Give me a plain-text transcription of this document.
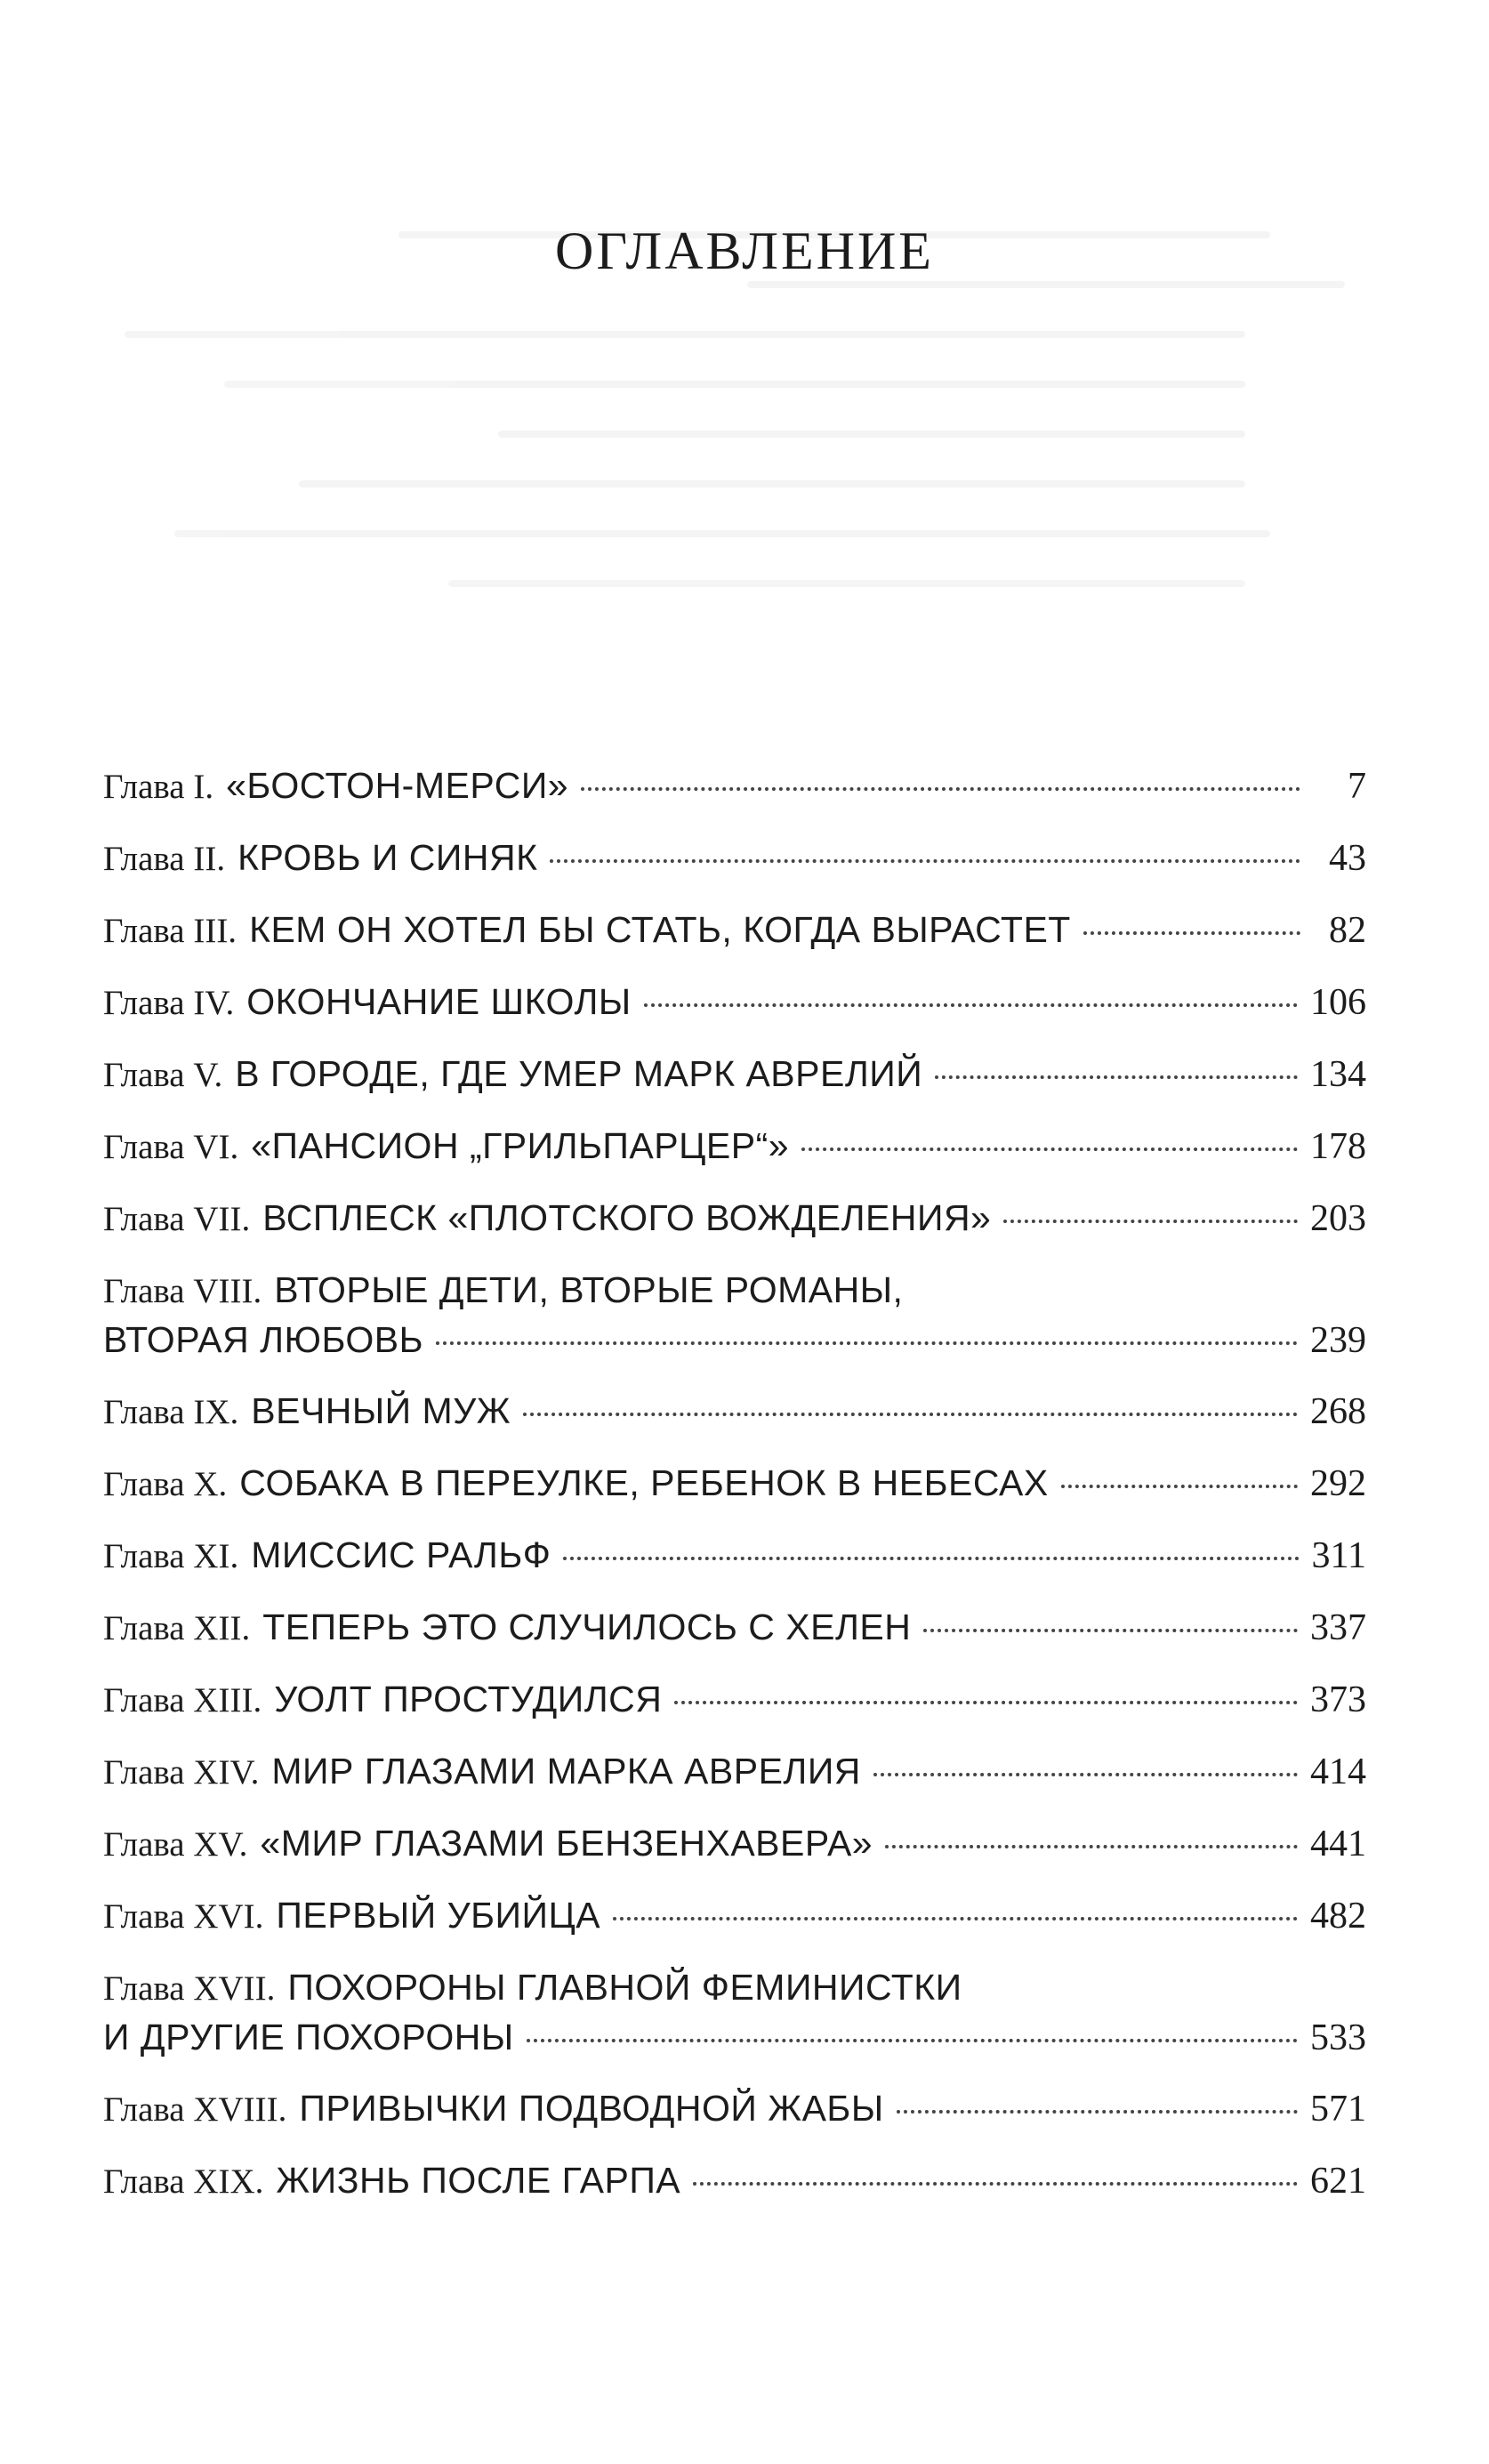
ОГЛАВЛЕНИЕ
Глава I. «БОСТОН-МЕРСИ»	7
Глава II. КРОВЬ И СИНЯК	43
Глава III. КЕМ ОН ХОТЕЛ БЫ СТАТЬ, КОГДА ВЫРАСТЕТ	82
Глава IV. ОКОНЧАНИЕ ШКОЛЫ	106
Глава V. В ГОРОДЕ, ГДЕ УМЕР МАРК АВРЕЛИЙ	134
Глава VI. «ПАНСИОН „ГРИЛЬПАРЦЕР“»	178
Глава VII. ВСПЛЕСК «ПЛОТСКОГО ВОЖДЕЛЕНИЯ»	203
Глава VIII. ВТОРЫЕ ДЕТИ, ВТОРЫЕ РОМАНЫ,
ВТОРАЯ ЛЮБОВЬ	239
Глава IX. ВЕЧНЫЙ МУЖ	268
Глава X. СОБАКА В ПЕРЕУЛКЕ, РЕБЕНОК В НЕБЕСАХ	292
Глава XI. МИССИС РАЛЬФ	311
Глава XII. ТЕПЕРЬ ЭТО СЛУЧИЛОСЬ С ХЕЛЕН	337
Глава XIII. УОЛТ ПРОСТУДИЛСЯ	373
Глава XIV. МИР ГЛАЗАМИ МАРКА АВРЕЛИЯ	414
Глава XV. «МИР ГЛАЗАМИ БЕНЗЕНХАВЕРА»	441
Глава XVI. ПЕРВЫЙ УБИЙЦА	482
Глава XVII. ПОХОРОНЫ ГЛАВНОЙ ФЕМИНИСТКИ
И ДРУГИЕ ПОХОРОНЫ	533
Глава XVIII. ПРИВЫЧКИ ПОДВОДНОЙ ЖАБЫ	571
Глава XIX. ЖИЗНЬ ПОСЛЕ ГАРПА	621
